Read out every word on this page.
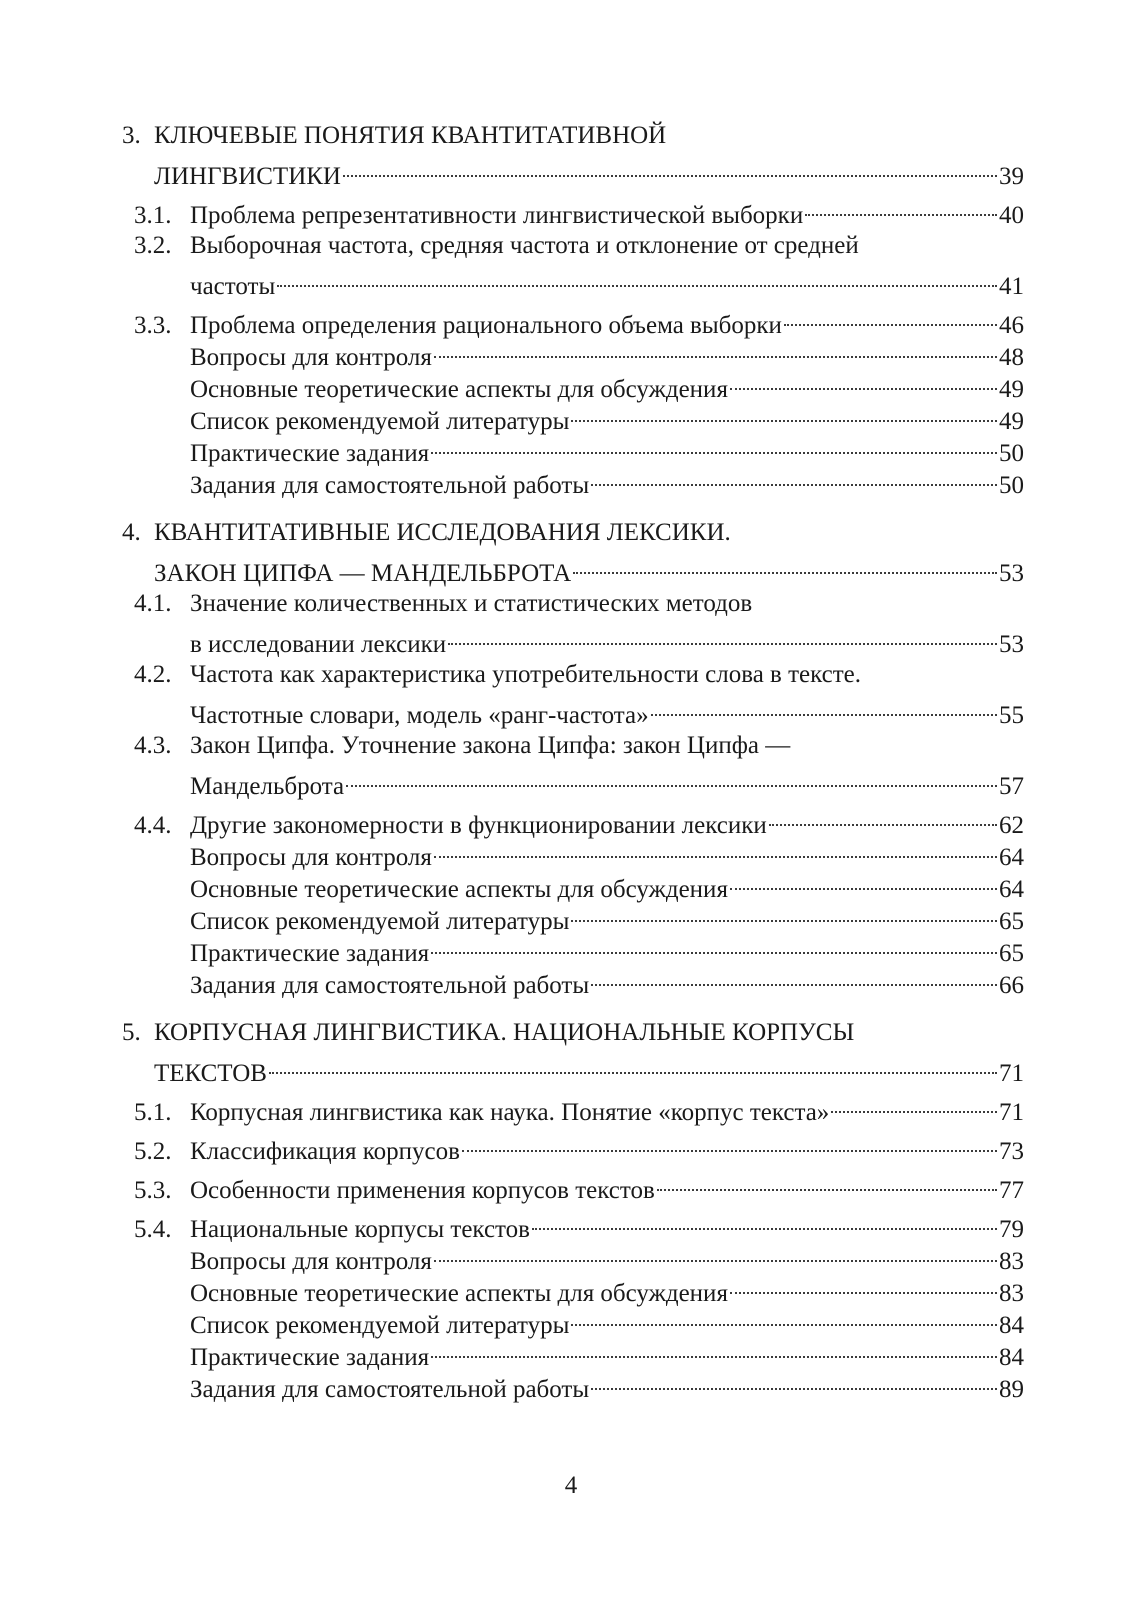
3. КЛЮЧЕВЫЕ ПОНЯТИЯ КВАНТИТАТИВНОЙ
ЛИНГВИСТИКИ	39
3.1. Проблема репрезентативности лингвистической выборки	40
3.2. Выборочная частота, средняя частота и отклонение от средней
частоты	41
3.3. Проблема определения рационального объема выборки	46
Вопросы для контроля	48
Основные теоретические аспекты для обсуждения	49
Список рекомендуемой литературы	49
Практические задания	50
Задания для самостоятельной работы	50
4. КВАНТИТАТИВНЫЕ ИССЛЕДОВАНИЯ ЛЕКСИКИ.
ЗАКОН ЦИПФА — МАНДЕЛЬБРОТА	53
4.1. Значение количественных и статистических методов
в исследовании лексики	53
4.2. Частота как характеристика употребительности слова в тексте.
Частотные словари, модель «ранг-частота»	55
4.3. Закон Ципфа. Уточнение закона Ципфа: закон Ципфа —
Мандельброта	57
4.4. Другие закономерности в функционировании лексики	62
Вопросы для контроля	64
Основные теоретические аспекты для обсуждения	64
Список рекомендуемой литературы	65
Практические задания	65
Задания для самостоятельной работы	66
5. КОРПУСНАЯ ЛИНГВИСТИКА. НАЦИОНАЛЬНЫЕ КОРПУСЫ
ТЕКСТОВ	71
5.1. Корпусная лингвистика как наука. Понятие «корпус текста»	71
5.2. Классификация корпусов	73
5.3. Особенности применения корпусов текстов	77
5.4. Национальные корпусы текстов	79
Вопросы для контроля	83
Основные теоретические аспекты для обсуждения	83
Список рекомендуемой литературы	84
Практические задания	84
Задания для самостоятельной работы	89
4
